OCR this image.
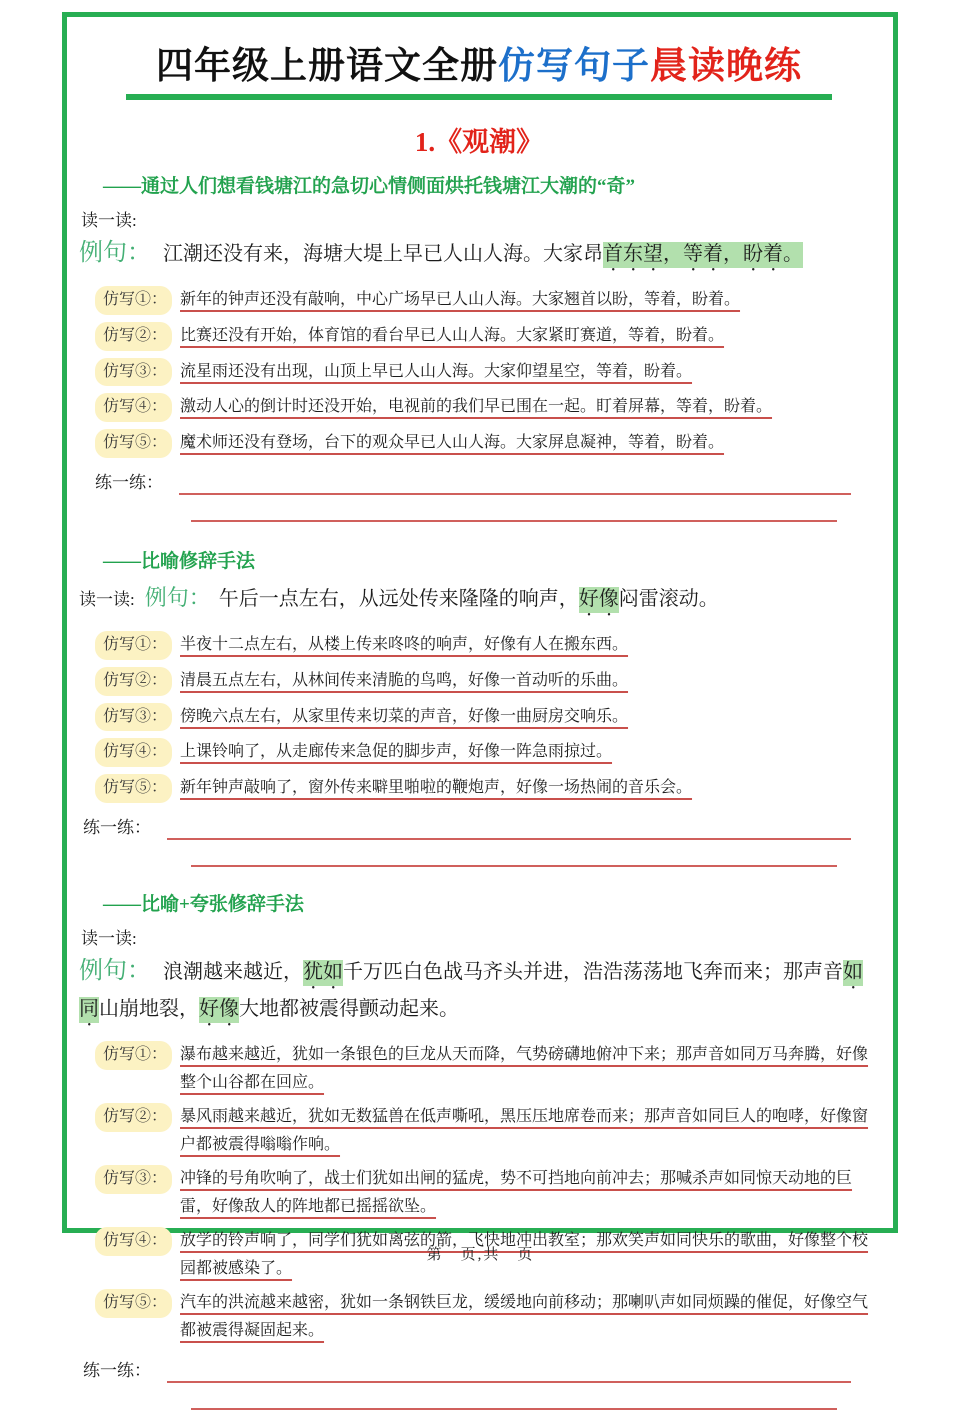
四年级上册语文全册仿写句子晨读晚练
1.《观潮》
——通过人们想看钱塘江的急切心情侧面烘托钱塘江大潮的“奇”
读一读:
例句： 江潮还没有来，海塘大堤上早已人山人海。大家昂首东望，等着，盼着。
仿写①： 新年的钟声还没有敲响，中心广场早已人山人海。大家翘首以盼，等着，盼着。
仿写②： 比赛还没有开始，体育馆的看台早已人山人海。大家紧盯赛道，等着，盼着。
仿写③： 流星雨还没有出现，山顶上早已人山人海。大家仰望星空，等着，盼着。
仿写④： 激动人心的倒计时还没开始，电视前的我们早已围在一起。盯着屏幕，等着，盼着。
仿写⑤： 魔术师还没有登场，台下的观众早已人山人海。大家屏息凝神，等着，盼着。
练一练：
——比喻修辞手法
读一读: 例句： 午后一点左右，从远处传来隆隆的响声，好像闷雷滚动。
仿写①： 半夜十二点左右，从楼上传来咚咚的响声，好像有人在搬东西。
仿写②： 清晨五点左右，从林间传来清脆的鸟鸣，好像一首动听的乐曲。
仿写③： 傍晚六点左右，从家里传来切菜的声音，好像一曲厨房交响乐。
仿写④： 上课铃响了，从走廊传来急促的脚步声，好像一阵急雨掠过。
仿写⑤： 新年钟声敲响了，窗外传来噼里啪啦的鞭炮声，好像一场热闹的音乐会。
练一练：
——比喻+夸张修辞手法
读一读:
例句： 浪潮越来越近，犹如千万匹白色战马齐头并进，浩浩荡荡地飞奔而来；那声音如同山崩地裂，好像大地都被震得颤动起来。
仿写①： 瀑布越来越近，犹如一条银色的巨龙从天而降，气势磅礴地俯冲下来；那声音如同万马奔腾，好像整个山谷都在回应。
仿写②： 暴风雨越来越近，犹如无数猛兽在低声嘶吼，黑压压地席卷而来；那声音如同巨人的咆哮，好像窗户都被震得嗡嗡作响。
仿写③： 冲锋的号角吹响了，战士们犹如出闸的猛虎，势不可挡地向前冲去；那喊杀声如同惊天动地的巨雷，好像敌人的阵地都已摇摇欲坠。
仿写④： 放学的铃声响了，同学们犹如离弦的箭，飞快地冲出教室；那欢笑声如同快乐的歌曲，好像整个校园都被感染了。
仿写⑤： 汽车的洪流越来越密，犹如一条钢铁巨龙，缓缓地向前移动；那喇叭声如同烦躁的催促，好像空气都被震得凝固起来。
练一练：
第　页,共　页
